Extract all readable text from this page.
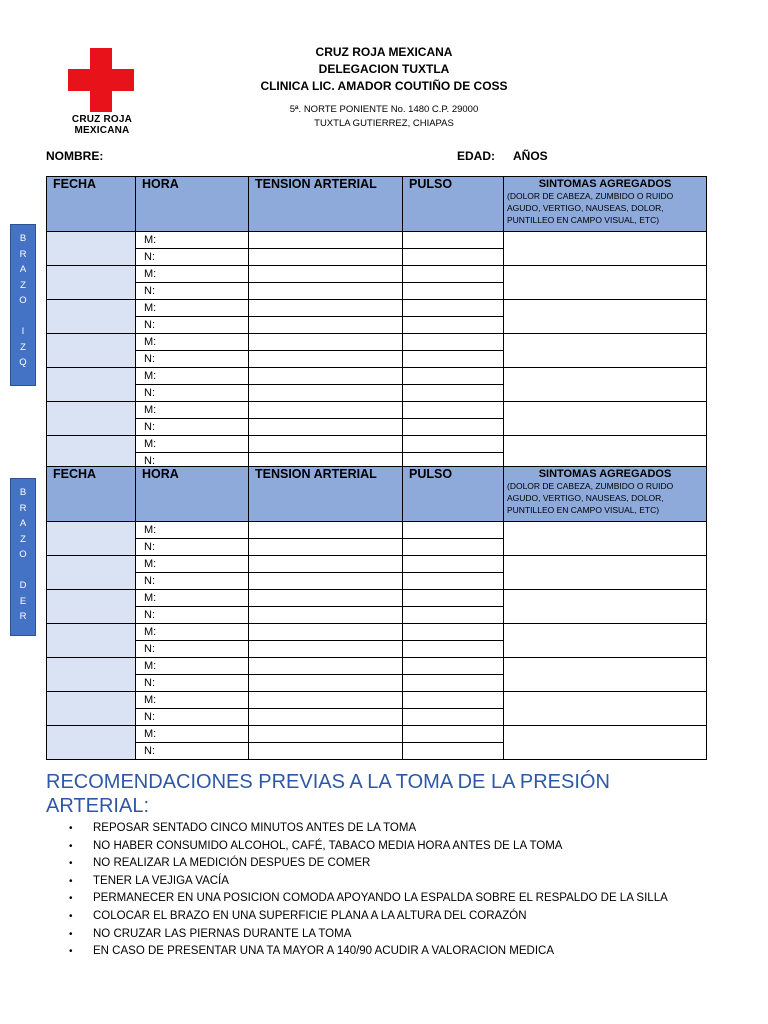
CRUZ ROJA
MEXICANA
CRUZ ROJA MEXICANA
DELEGACION TUXTLA
CLINICA LIC. AMADOR COUTIÑO DE COSS
5ª. NORTE PONIENTE No. 1480 C.P. 29000
TUXTLA GUTIERREZ, CHIAPAS
NOMBRE:	EDAD: AÑOS
B
R
A
Z
O
I
Z
Q
B
R
A
Z
O
D
E
R
FECHA	HORA	TENSION ARTERIAL	PULSO	SINTOMAS AGREGADOS
(DOLOR DE CABEZA, ZUMBIDO O RUIDO AGUDO, VERTIGO, NAUSEAS, DOLOR, PUNTILLEO EN CAMPO VISUAL, ETC)

	M:			
	N:			
	M:			
	N:			
	M:			
	N:			
	M:			
	N:			
	M:			
	N:			
	M:			
	N:			
	M:			
	N:			
FECHA	HORA	TENSION ARTERIAL	PULSO	SINTOMAS AGREGADOS
(DOLOR DE CABEZA, ZUMBIDO O RUIDO AGUDO, VERTIGO, NAUSEAS, DOLOR, PUNTILLEO EN CAMPO VISUAL, ETC)

	M:			
	N:			
	M:			
	N:			
	M:			
	N:			
	M:			
	N:			
	M:			
	N:			
	M:			
	N:			
	M:			
	N:			
RECOMENDACIONES PREVIAS A LA TOMA DE LA PRESIÓN ARTERIAL:
• REPOSAR SENTADO CINCO MINUTOS ANTES DE LA TOMA
• NO HABER CONSUMIDO ALCOHOL, CAFÉ, TABACO MEDIA HORA ANTES DE LA TOMA
• NO REALIZAR LA MEDICIÓN DESPUES DE COMER
• TENER LA VEJIGA VACÍA
• PERMANECER EN UNA POSICION COMODA APOYANDO LA ESPALDA SOBRE EL RESPALDO DE LA SILLA
• COLOCAR EL BRAZO EN UNA SUPERFICIE PLANA A LA ALTURA DEL CORAZÓN
• NO CRUZAR LAS PIERNAS DURANTE LA TOMA
• EN CASO DE PRESENTAR UNA TA MAYOR A 140/90 ACUDIR A VALORACION MEDICA
